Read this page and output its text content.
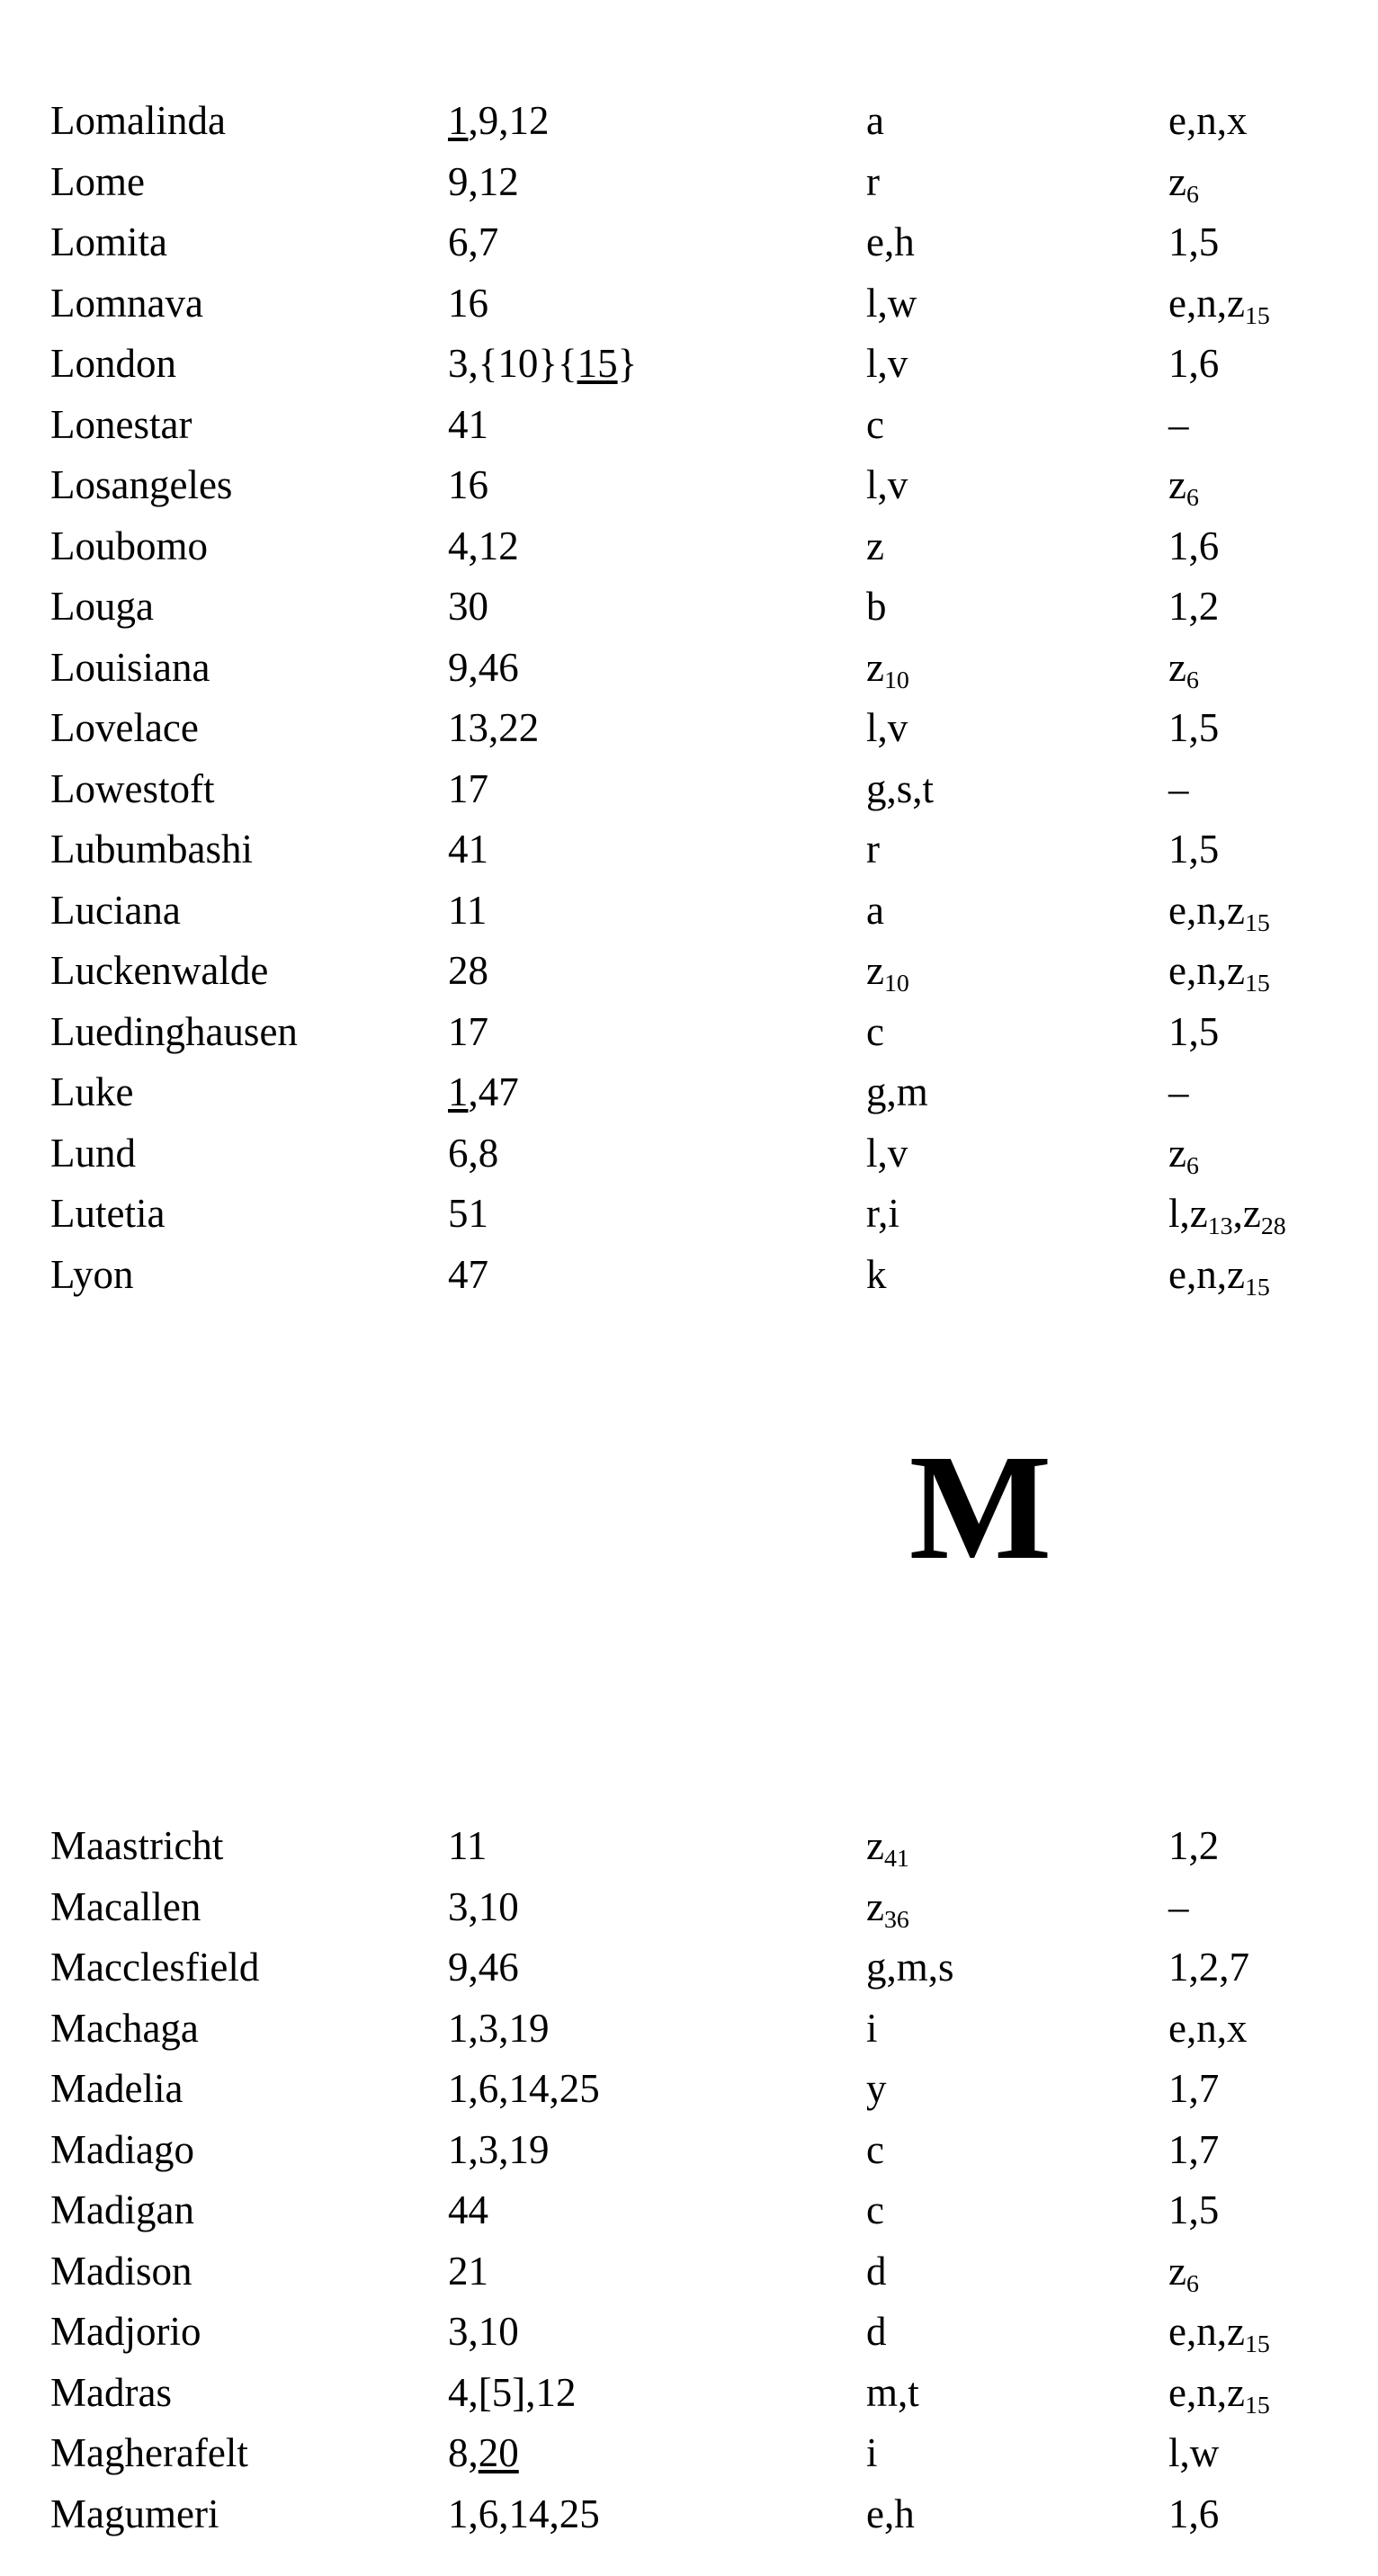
Lomalinda	1,9,12	a	e,n,x
Lome	9,12	r	$z_6$
Lomita	6,7	e,h	1,5
Lomnava	16	l,w	$e,n,z_{15}$
London	3,{10}{15}	l,v	1,6
Lonestar	41	c	–
Losangeles	16	l,v	$z_6$
Loubomo	4,12	z	1,6
Louga	30	b	1,2
Louisiana	9,46	$z_{10}$	$z_6$
Lovelace	13,22	l,v	1,5
Lowestoft	17	g,s,t	–
Lubumbashi	41	r	1,5
Luciana	11	a	$e,n,z_{15}$
Luckenwalde	28	$z_{10}$	$e,n,z_{15}$
Luedinghausen	17	c	1,5
Luke	1,47	g,m	–
Lund	6,8	l,v	$z_6$
Lutetia	51	r,i	$l,z_{13},z_{28}$
Lyon	47	k	$e,n,z_{15}$
M
Maastricht	11	$z_{41}$	1,2
Macallen	3,10	$z_{36}$	–
Macclesfield	9,46	g,m,s	1,2,7
Machaga	1,3,19	i	e,n,x
Madelia	1,6,14,25	y	1,7
Madiago	1,3,19	c	1,7
Madigan	44	c	1,5
Madison	21	d	$z_6$
Madjorio	3,10	d	$e,n,z_{15}$
Madras	4,[5],12	m,t	$e,n,z_{15}$
Magherafelt	8,20	i	l,w
Magumeri	1,6,14,25	e,h	1,6
